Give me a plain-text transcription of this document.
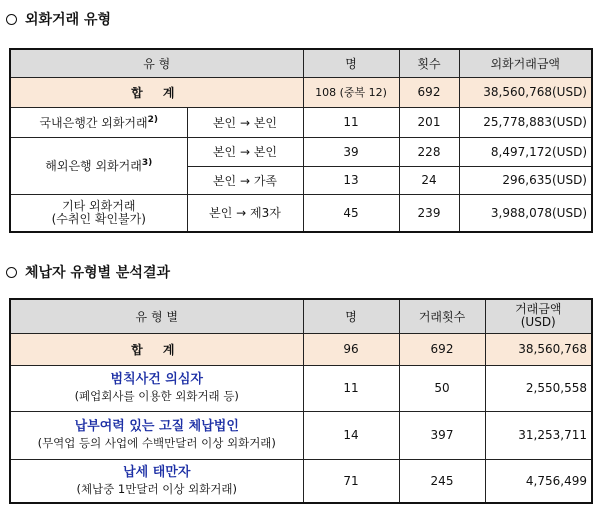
외화거래 유형
유 형		명	횟수	외화거래금액
합 계		108 (중복 12)	692	38,560,768(USD)
국내은행간 외화거래$^{2)}$	본인 → 본인	11	201	25,778,883(USD)
해외은행 외화거래$^{3)}$	본인 → 본인	39	228	8,497,172(USD)
	본인 → 가족	13	24	296,635(USD)

기타 외화거래
(수취인 확인불가)	본인 → 제3자	45	239	3,988,078(USD)
체납자 유형별 분석결과
유 형 별	명	거래횟수	거래금액
(USD)

합 계	96	692	38,560,768

범칙사건 의심자
(폐업회사를 이용한 외화거래 등)	11	50	2,550,558

납부여력 있는 고질 체납법인
(무역업 등의 사업에 수백만달러 이상 외화거래)	14	397	31,253,711

납세 태만자
(체납중 1만달러 이상 외화거래)	71	245	4,756,499
